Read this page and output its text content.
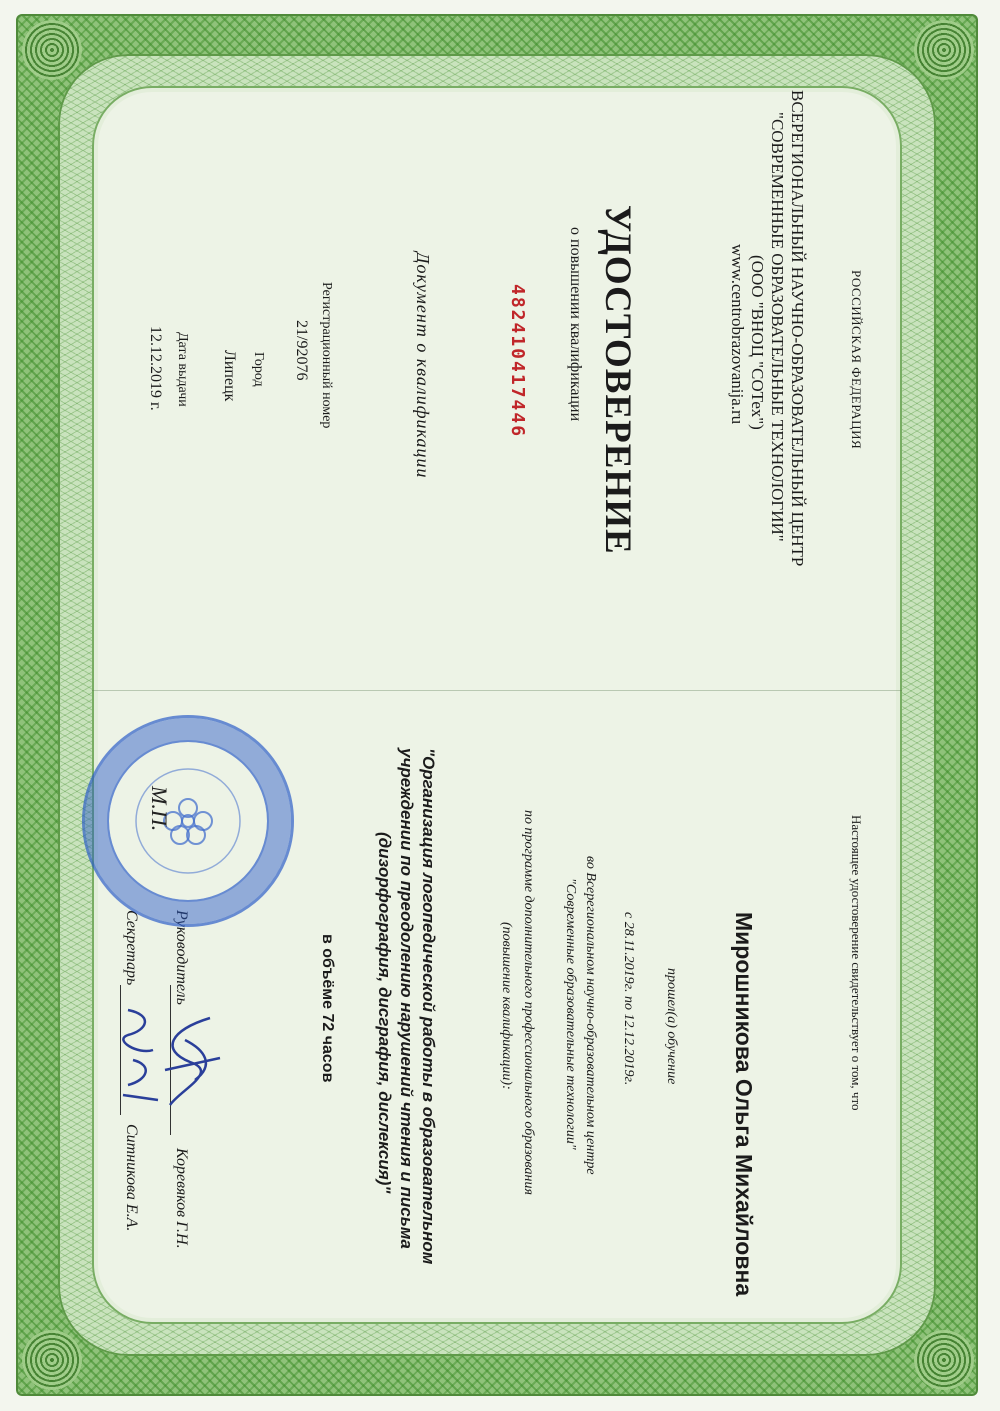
РОССИЙСКАЯ ФЕДЕРАЦИЯ
ВСЕРЕГИОНАЛЬНЫЙ НАУЧНО-ОБРАЗОВАТЕЛЬНЫЙ ЦЕНТР
"СОВРЕМЕННЫЕ ОБРАЗОВАТЕЛЬНЫЕ ТЕХНОЛОГИИ"
(ООО "ВНОЦ "СОТех")
www.centrobrazovanija.ru
УДОСТОВЕРЕНИЕ
о повышении квалификации
482410417446
Документ о квалификации
Регистрационный номер
21/92076
Город
Липецк
Дата выдачи
12.12.2019 г.
Настоящее удостоверение свидетельствует о том, что
Мирошникова Ольга Михайловна
прошел(а) обучение
с 28.11.2019г. по 12.12.2019г.
во Всерегиональном научно-образовательном центре
"Современные образовательные технологии"
по программе дополнительного профессионального образования
(повышение квалификации):
"Организация логопедической работы в образовательном
учреждении по преодолению нарушений чтения и письма
(дизорфография, дисграфия, дислексия)"
в объёме 72 часов
Руководитель
Коревяков Г.Н.
Секретарь
Ситникова Е.А.
М.П.
